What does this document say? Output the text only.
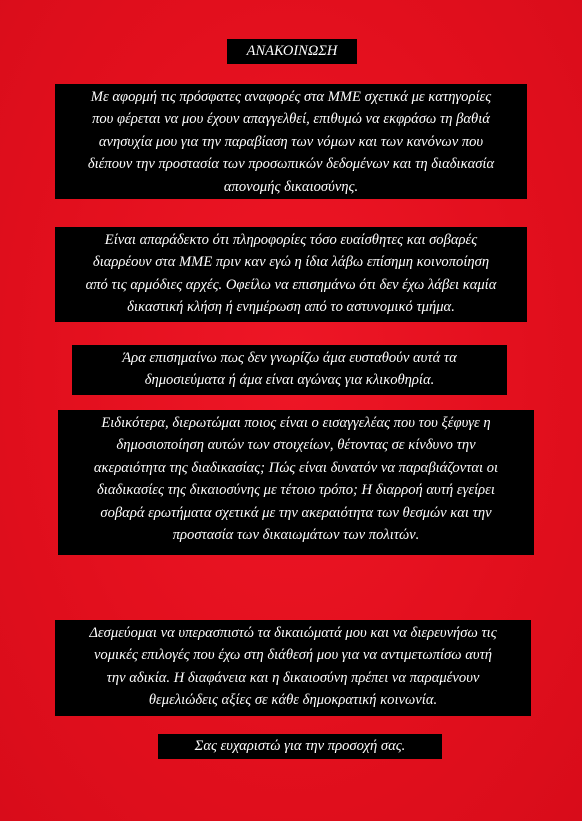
ΑΝΑΚΟΙΝΩΣΗ
Με αφορμή τις πρόσφατες αναφορές στα ΜΜΕ σχετικά με κατηγορίες
που φέρεται να μου έχουν απαγγελθεί, επιθυμώ να εκφράσω τη βαθιά
ανησυχία μου για την παραβίαση των νόμων και των κανόνων που
διέπουν την προστασία των προσωπικών δεδομένων και τη διαδικασία
απονομής δικαιοσύνης.
Είναι απαράδεκτο ότι πληροφορίες τόσο ευαίσθητες και σοβαρές
διαρρέουν στα ΜΜΕ πριν καν εγώ η ίδια λάβω επίσημη κοινοποίηση
από τις αρμόδιες αρχές. Οφείλω να επισημάνω ότι δεν έχω λάβει καμία
δικαστική κλήση ή ενημέρωση από το αστυνομικό τμήμα.
Άρα επισημαίνω πως δεν γνωρίζω άμα ευσταθούν αυτά τα
δημοσιεύματα ή άμα είναι αγώνας για κλικοθηρία.
Ειδικότερα, διερωτώμαι ποιος είναι ο εισαγγελέας που του ξέφυγε η
δημοσιοποίηση αυτών των στοιχείων, θέτοντας σε κίνδυνο την
ακεραιότητα της διαδικασίας; Πώς είναι δυνατόν να παραβιάζονται οι
διαδικασίες της δικαιοσύνης με τέτοιο τρόπο; Η διαρροή αυτή εγείρει
σοβαρά ερωτήματα σχετικά με την ακεραιότητα των θεσμών και την
προστασία των δικαιωμάτων των πολιτών.
Δεσμεύομαι να υπερασπιστώ τα δικαιώματά μου και να διερευνήσω τις
νομικές επιλογές που έχω στη διάθεσή μου για να αντιμετωπίσω αυτή
την αδικία. Η διαφάνεια και η δικαιοσύνη πρέπει να παραμένουν
θεμελιώδεις αξίες σε κάθε δημοκρατική κοινωνία.
Σας ευχαριστώ για την προσοχή σας.
